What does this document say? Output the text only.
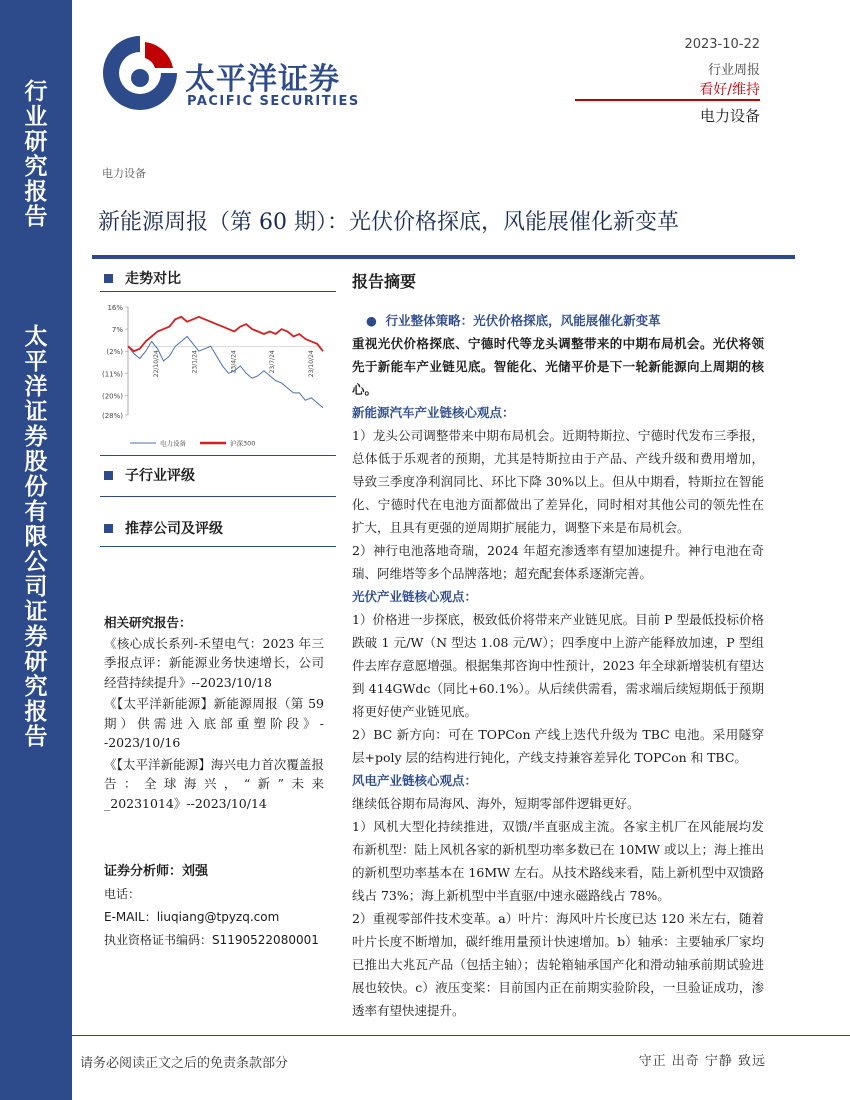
行
业
研
究
报
告
太
平
洋
证
券
股
份
有
限
公
司
证
券
研
究
报
告
太平洋证券
PACIFIC SECURITIES
2023-10-22
行业周报
看好/维持
电力设备
电力设备
新能源周报（第 60 期）：光伏价格探底，风能展催化新变革
走势对比
16%
7%
(2%)
(11%)
(20%)
(28%)
22/10/24	23/1/24	23/4/24	23/7/24	23/10/24
电力设备	沪深300
子行业评级
推荐公司及评级
相关研究报告：

《核心成长系列-禾望电气：2023 年三季报点评：新能源业务快速增长，公司经营持续提升》--2023/10/18

《【太平洋新能源】新能源周报（第 59 期）供需进入底部重塑阶段》--2023/10/16

《【太平洋新能源】海兴电力首次覆盖报告：全球海兴，“新”未来_20231014》--2023/10/14

证券分析师：刘强
电话：
E-MAIL：liuqiang@tpyzq.com
执业资格证书编码：S1190522080001
报告摘要

●  行业整体策略：光伏价格探底，风能展催化新变革

重视光伏价格探底、宁德时代等龙头调整带来的中期布局机会。光伏将领先于新能车产业链见底。智能化、光储平价是下一轮新能源向上周期的核心。

新能源汽车产业链核心观点：

1）龙头公司调整带来中期布局机会。近期特斯拉、宁德时代发布三季报，总体低于乐观者的预期，尤其是特斯拉由于产品、产线升级和费用增加，导致三季度净利润同比、环比下降 30%以上。但从中期看，特斯拉在智能化、宁德时代在电池方面都做出了差异化，同时相对其他公司的领先性在扩大，且具有更强的逆周期扩展能力，调整下来是布局机会。

2）神行电池落地奇瑞，2024 年超充渗透率有望加速提升。神行电池在奇瑞、阿维塔等多个品牌落地；超充配套体系逐渐完善。

光伏产业链核心观点：

1）价格进一步探底，极致低价将带来产业链见底。目前 P 型最低投标价格跌破 1 元/W（N 型达 1.08 元/W）；四季度中上游产能释放加速，P 型组件去库存意愿增强。根据集邦咨询中性预计，2023 年全球新增装机有望达到 414GWdc（同比+60.1%）。从后续供需看，需求端后续短期低于预期将更好使产业链见底。

2）BC 新方向：可在 TOPCon 产线上迭代升级为 TBC 电池。采用隧穿层+poly 层的结构进行钝化，产线支持兼容差异化 TOPCon 和 TBC。

风电产业链核心观点：

继续低谷期布局海风、海外，短期零部件逻辑更好。

1）风机大型化持续推进，双馈/半直驱成主流。各家主机厂在风能展均发布新机型：陆上风机各家的新机型功率多数已在 10MW 或以上；海上推出的新机型功率基本在 16MW 左右。从技术路线来看，陆上新机型中双馈路线占 73%；海上新机型中半直驱/中速永磁路线占 78%。

2）重视零部件技术变革。a）叶片：海风叶片长度已达 120 米左右，随着叶片长度不断增加，碳纤维用量预计快速增加。b）轴承：主要轴承厂家均已推出大兆瓦产品（包括主轴）；齿轮箱轴承国产化和滑动轴承前期试验进展也较快。c）液压变桨：目前国内正在前期实验阶段，一旦验证成功，渗透率有望快速提升。

请务必阅读正文之后的免责条款部分	守正 出奇 宁静 致远
